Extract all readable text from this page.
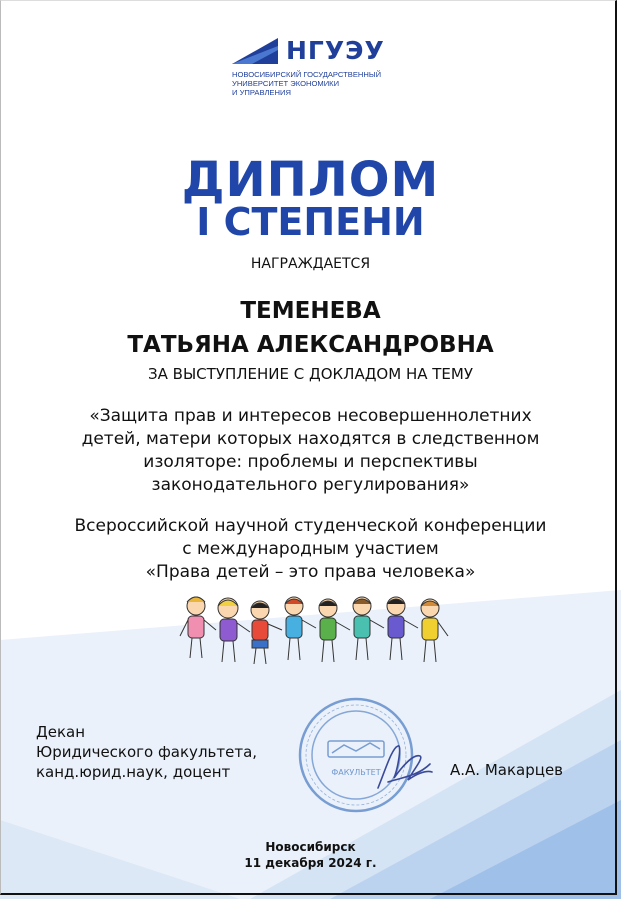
НГУЭУ
НОВОСИБИРСКИЙ ГОСУДАРСТВЕННЫЙ
УНИВЕРСИТЕТ ЭКОНОМИКИ
И УПРАВЛЕНИЯ
ДИПЛОМ
I СТЕПЕНИ
НАГРАЖДАЕТСЯ
ТЕМЕНЕВА
ТАТЬЯНА АЛЕКСАНДРОВНА
ЗА ВЫСТУПЛЕНИЕ С ДОКЛАДОМ НА ТЕМУ
«Защита прав и интересов несовершеннолетних
детей, матери которых находятся в следственном
изоляторе: проблемы и перспективы
законодательного регулирования»
Всероссийской научной студенческой конференции
с международным участием
«Права детей – это права человека»
Декан
Юридического факультета,
канд.юрид.наук, доцент	ФАКУЛЬТЕТ	А.А. Макарцев
Новосибирск
11 декабря 2024 г.
